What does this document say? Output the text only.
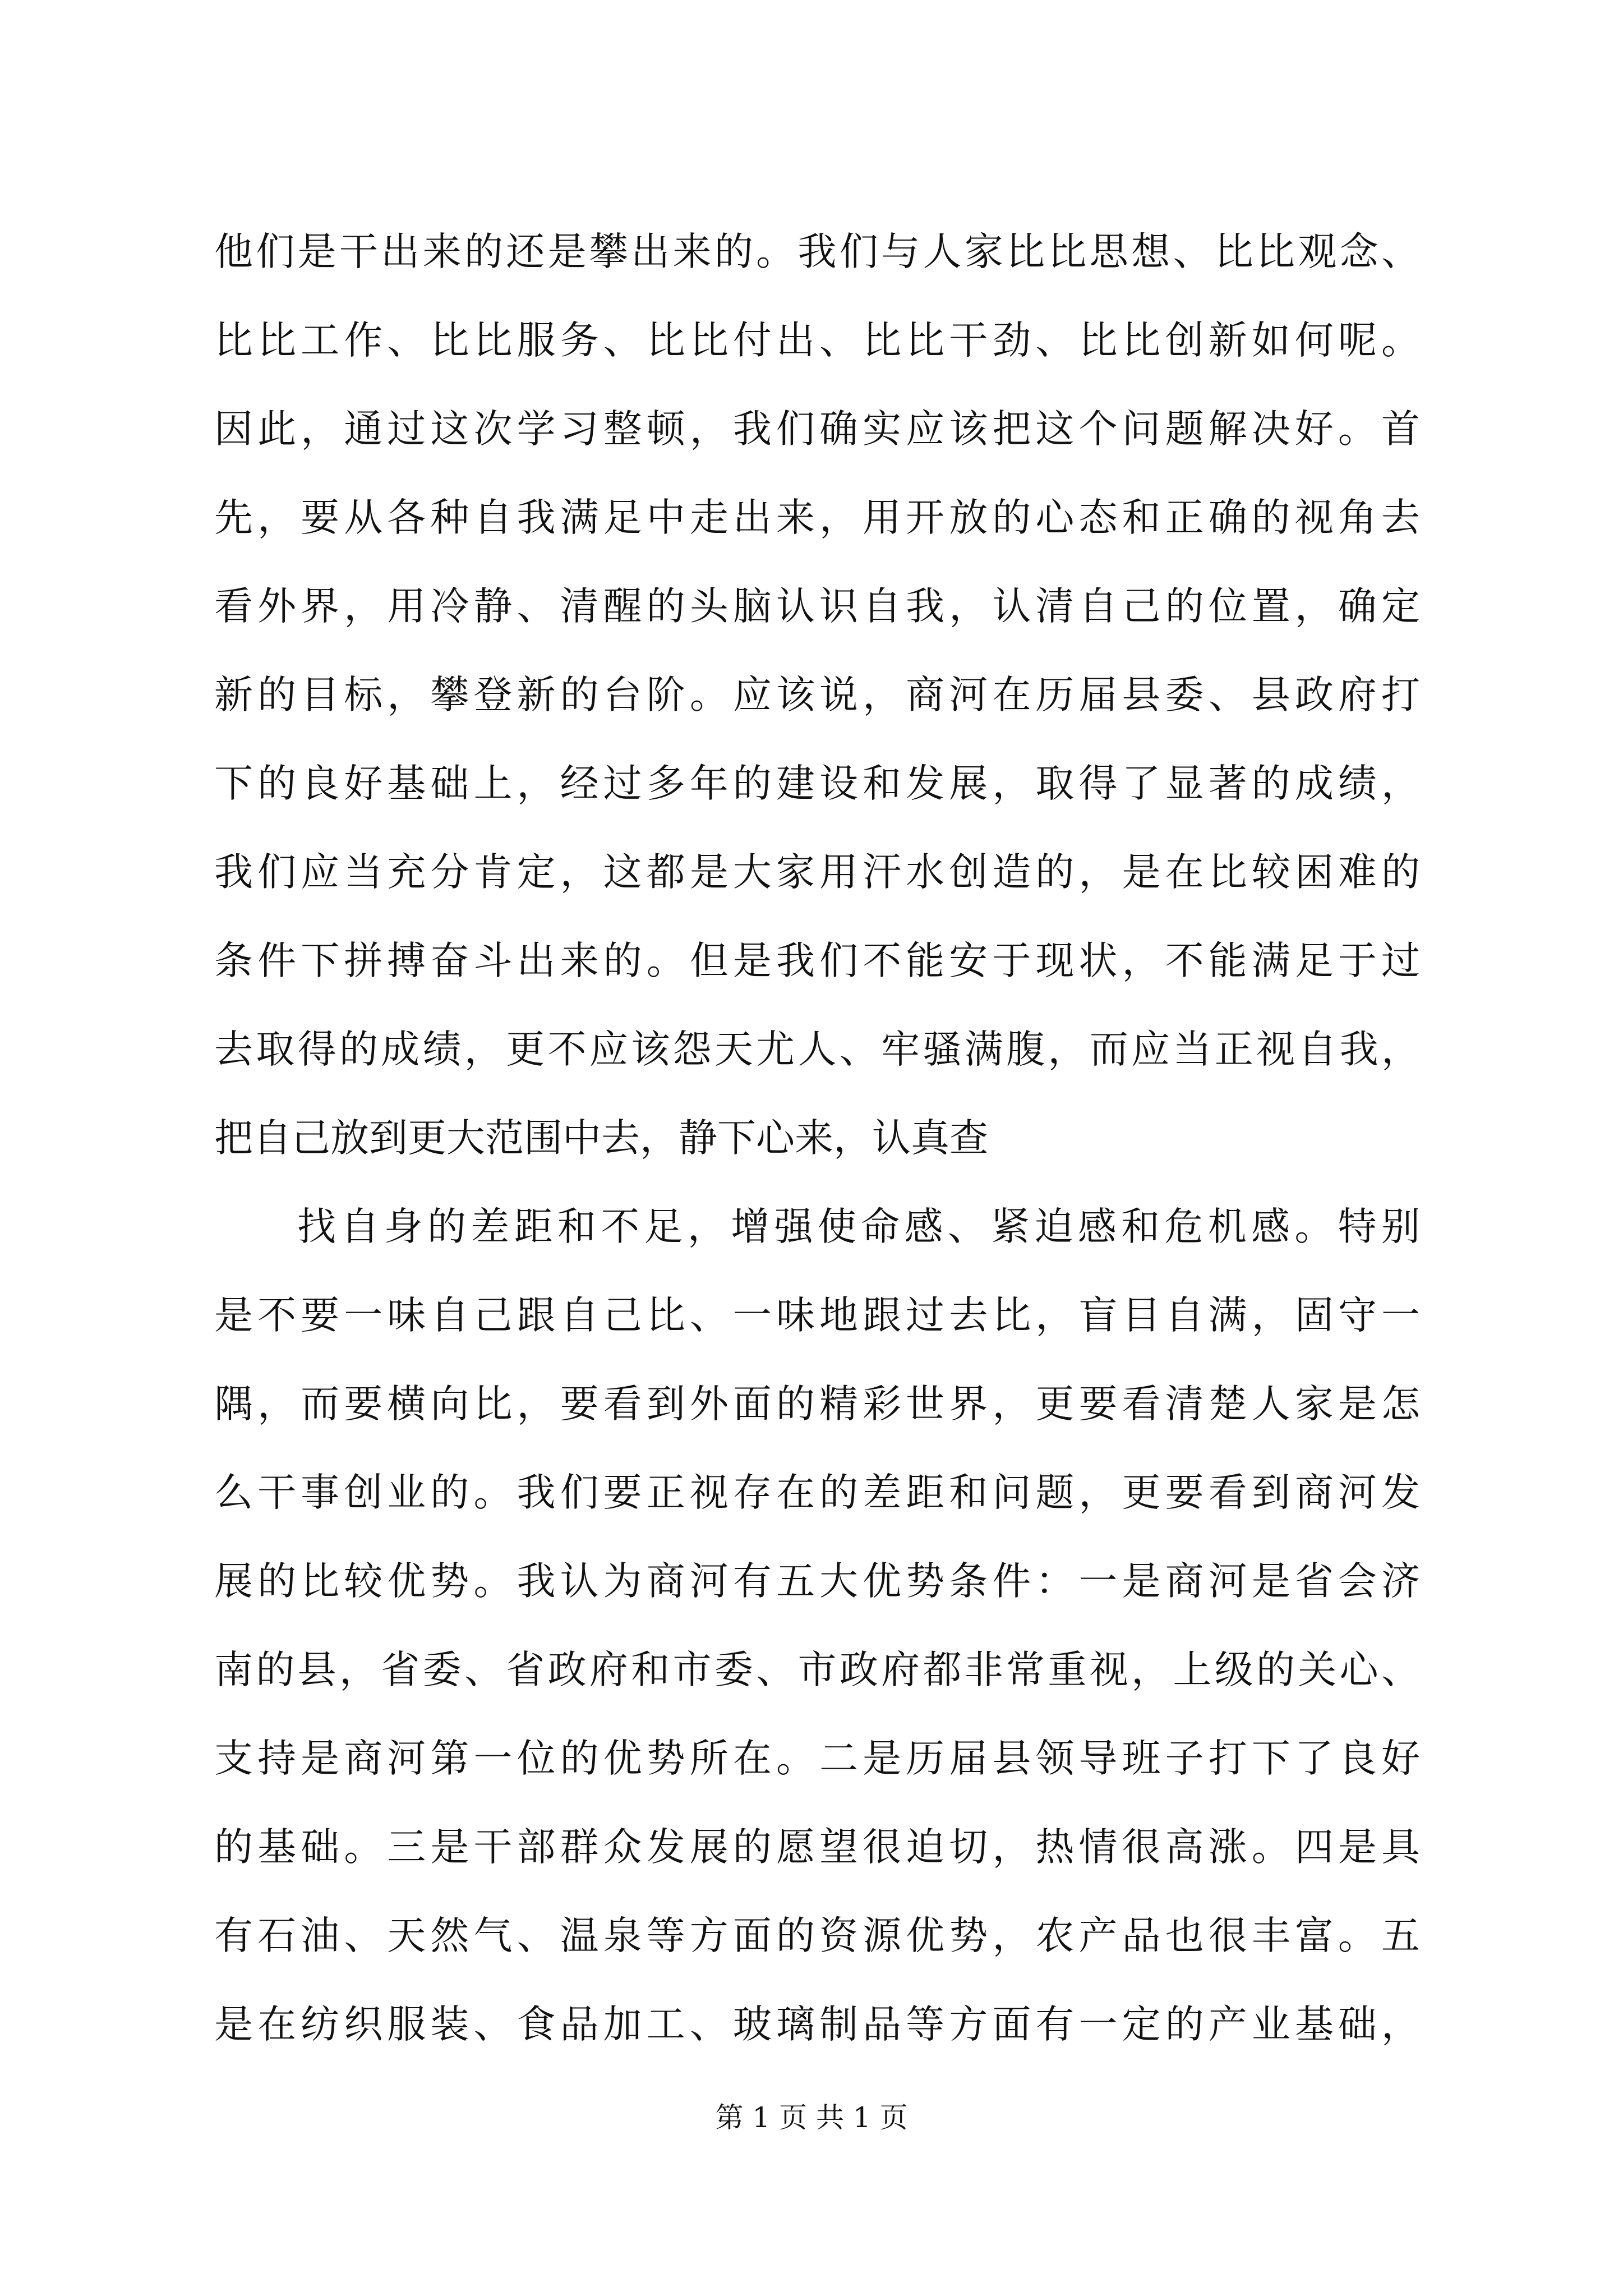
他们是干出来的还是攀出来的。我们与人家比比思想、比比观念、
比比工作、比比服务、比比付出、比比干劲、比比创新如何呢。
因此，通过这次学习整顿，我们确实应该把这个问题解决好。首
先，要从各种自我满足中走出来，用开放的心态和正确的视角去
看外界，用冷静、清醒的头脑认识自我，认清自己的位置，确定
新的目标，攀登新的台阶。应该说，商河在历届县委、县政府打
下的良好基础上，经过多年的建设和发展，取得了显著的成绩，
我们应当充分肯定，这都是大家用汗水创造的，是在比较困难的
条件下拼搏奋斗出来的。但是我们不能安于现状，不能满足于过
去取得的成绩，更不应该怨天尤人、牢骚满腹，而应当正视自我，
把自己放到更大范围中去，静下心来，认真查
找自身的差距和不足，增强使命感、紧迫感和危机感。特别
是不要一味自己跟自己比、一味地跟过去比，盲目自满，固守一
隅，而要横向比，要看到外面的精彩世界，更要看清楚人家是怎
么干事创业的。我们要正视存在的差距和问题，更要看到商河发
展的比较优势。我认为商河有五大优势条件：一是商河是省会济
南的县，省委、省政府和市委、市政府都非常重视，上级的关心、
支持是商河第一位的优势所在。二是历届县领导班子打下了良好
的基础。三是干部群众发展的愿望很迫切，热情很高涨。四是具
有石油、天然气、温泉等方面的资源优势，农产品也很丰富。五
是在纺织服装、食品加工、玻璃制品等方面有一定的产业基础，
第 1 页 共 1 页
